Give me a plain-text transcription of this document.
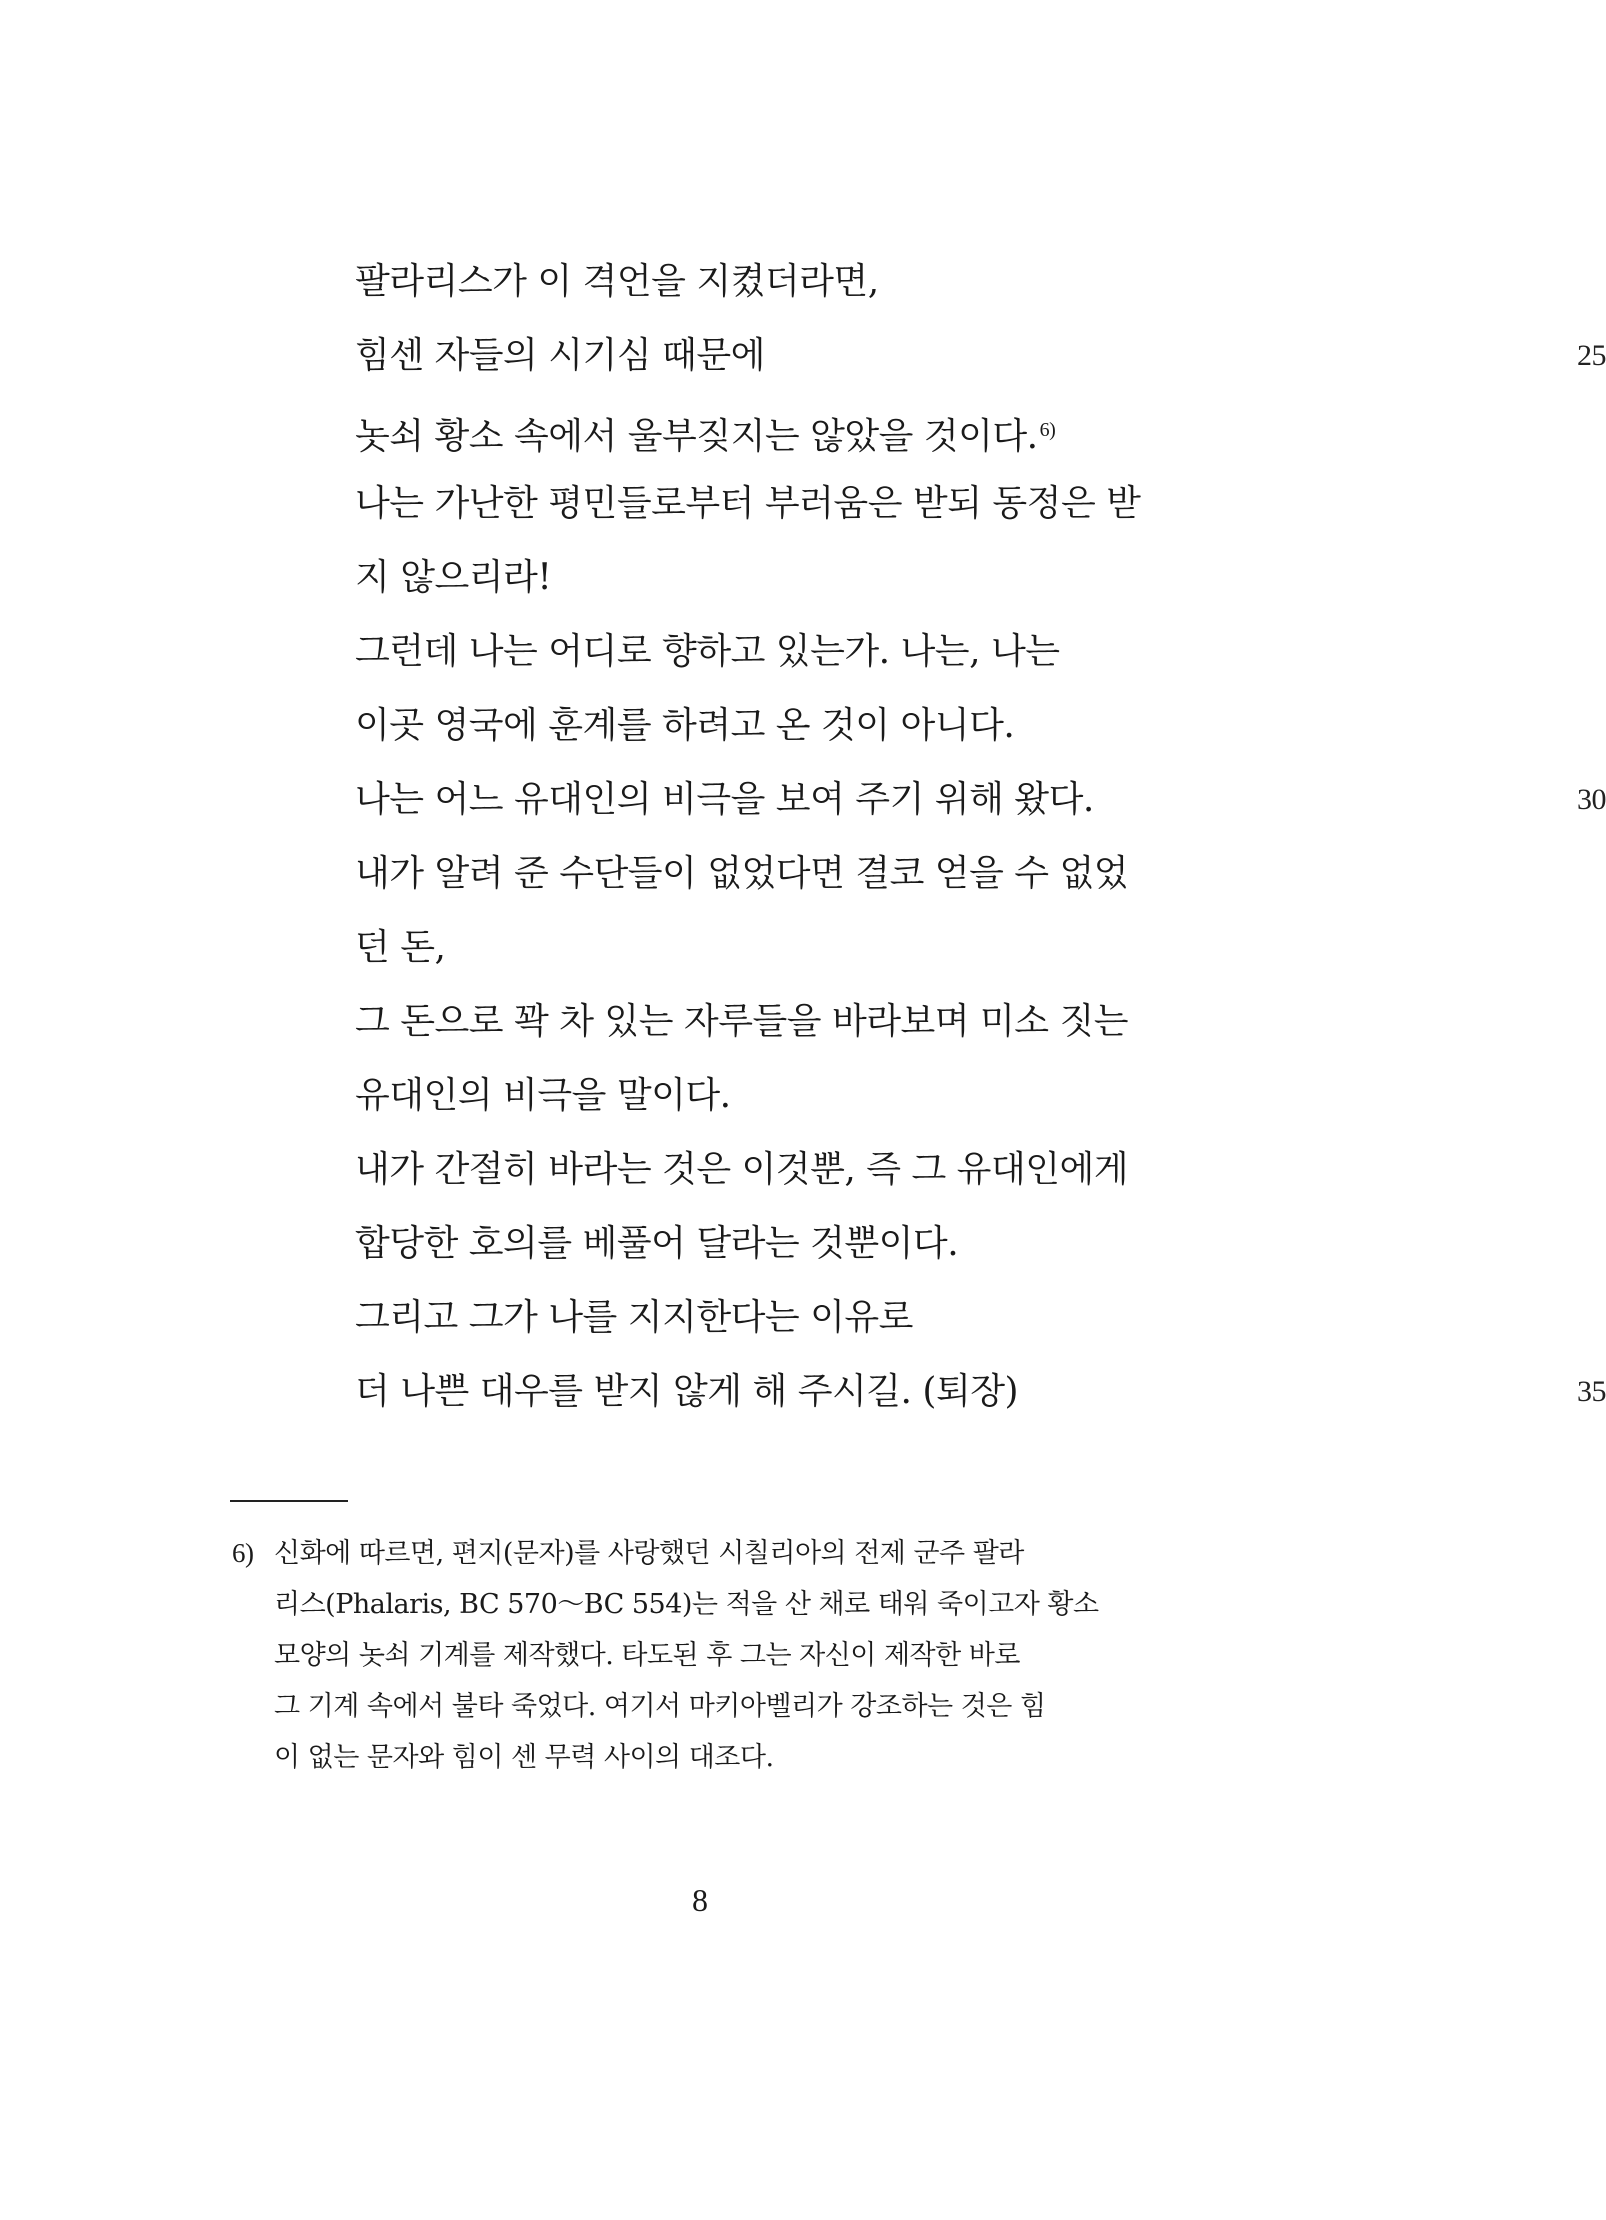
팔라리스가 이 격언을 지켰더라면,
힘센 자들의 시기심 때문에	25
놋쇠 황소 속에서 울부짖지는 않았을 것이다. $^{6)}$
나는 가난한 평민들로부터 부러움은 받되 동정은 받
지 않으리라!
그런데 나는 어디로 향하고 있는가. 나는, 나는
이곳 영국에 훈계를 하려고 온 것이 아니다.
나는 어느 유대인의 비극을 보여 주기 위해 왔다.	30
내가 알려 준 수단들이 없었다면 결코 얻을 수 없었
던 돈,
그 돈으로 꽉 차 있는 자루들을 바라보며 미소 짓는
유대인의 비극을 말이다.
내가 간절히 바라는 것은 이것뿐, 즉 그 유대인에게
합당한 호의를 베풀어 달라는 것뿐이다.
그리고 그가 나를 지지한다는 이유로
더 나쁜 대우를 받지 않게 해 주시길. (퇴장)	35
6) 신화에 따르면, 편지(문자)를 사랑했던 시칠리아의 전제 군주 팔라
리스(Phalaris, BC 570～BC 554)는 적을 산 채로 태워 죽이고자 황소
모양의 놋쇠 기계를 제작했다. 타도된 후 그는 자신이 제작한 바로
그 기계 속에서 불타 죽었다. 여기서 마키아벨리가 강조하는 것은 힘
이 없는 문자와 힘이 센 무력 사이의 대조다.
8
